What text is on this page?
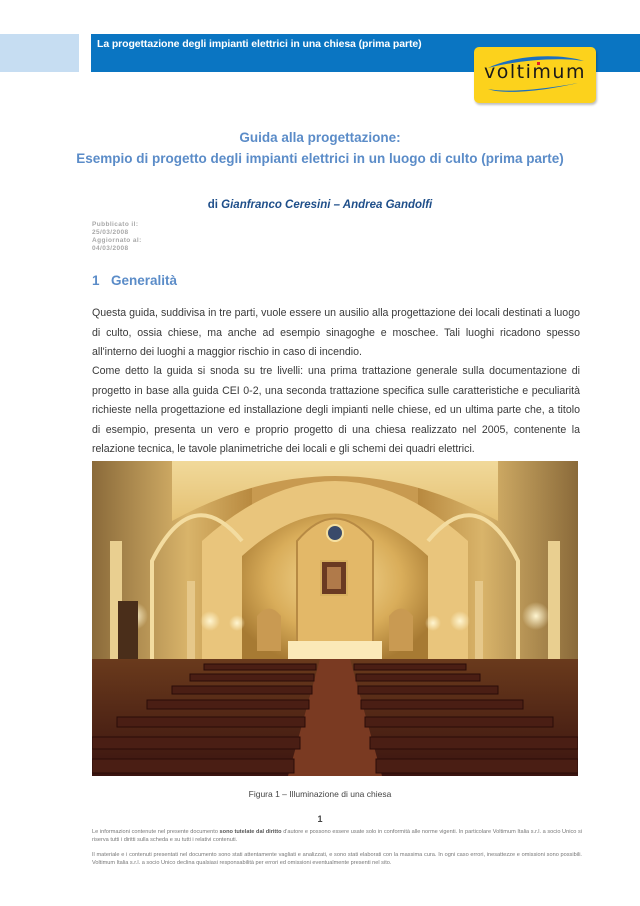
La progettazione degli impianti elettrici in una chiesa (prima parte)
voltimum
Guida alla progettazione:
Esempio di progetto degli impianti elettrici in un luogo di culto (prima parte)
di Gianfranco Ceresini – Andrea Gandolfi
Pubblicato il:
25/03/2008
Aggiornato al:
04/03/2008
1 Generalità

Questa guida, suddivisa in tre parti, vuole essere un ausilio alla progettazione dei locali destinati a luogo di culto, ossia chiese, ma anche ad esempio sinagoghe e moschee. Tali luoghi ricadono spesso all'interno dei luoghi a maggior rischio in caso di incendio.

Come detto la guida si snoda su tre livelli: una prima trattazione generale sulla documentazione di progetto in base alla guida CEI 0-2, una seconda trattazione specifica sulle caratteristiche e peculiarità richieste nella progettazione ed installazione degli impianti nelle chiese, ed un ultima parte che, a titolo di esempio, presenta un vero e proprio progetto di una chiesa realizzato nel 2005, contenente la relazione tecnica, le tavole planimetriche dei locali e gli schemi dei quadri elettrici.

Figura 1 – Illuminazione di una chiesa
1
Le informazioni contenute nel presente documento sono tutelate dal diritto d'autore e possono essere usate solo in conformità alle norme vigenti. In particolare Voltimum Italia s.r.l. a socio Unico si riserva tutti i diritti sulla scheda e su tutti i relativi contenuti.
Il materiale e i contenuti presentati nel documento sono stati attentamente vagliati e analizzati, e sono stati elaborati con la massima cura. In ogni caso errori, inesattezze e omissioni sono possibili. Voltimum Italia s.r.l. a socio Unico declina qualsiasi responsabilità per errori ed omissioni eventualmente presenti nel sito.
